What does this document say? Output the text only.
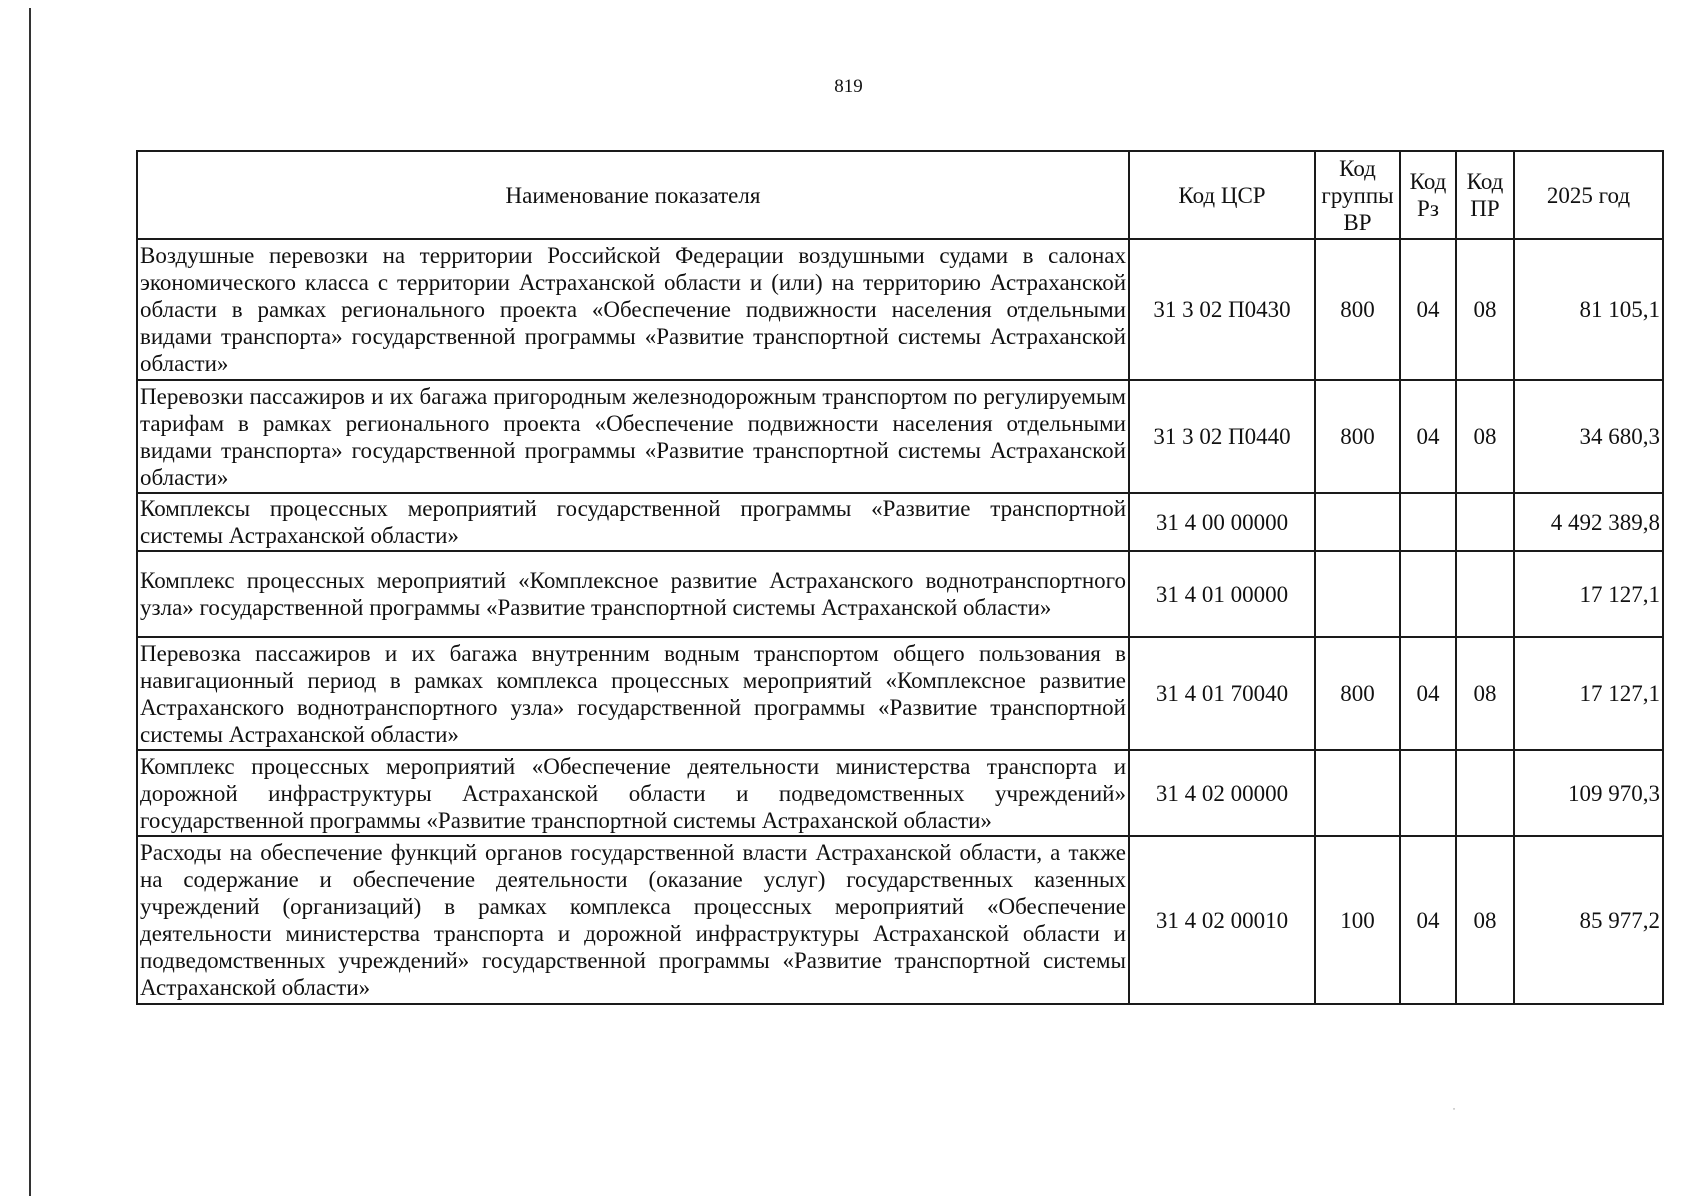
819
Наименование показателя	Код ЦСР	Код группы ВР	Код Рз	Код ПР	2025 год
Воздушные перевозки на территории Российской Федерации воздушными судами в салонах экономического класса с территории Астраханской области и (или) на территорию Астраханской области в рамках регионального проекта «Обеспечение подвижности населения отдельными видами транспорта» государственной программы «Развитие транспортной системы Астраханской области»	31 3 02 П0430	800	04	08	81 105,1
Перевозки пассажиров и их багажа пригородным железнодорожным транспортом по регулируемым тарифам в рамках регионального проекта «Обеспечение подвижности населения отдельными видами транспорта» государственной программы «Развитие транспортной системы Астраханской области»	31 3 02 П0440	800	04	08	34 680,3
Комплексы процессных мероприятий государственной программы «Развитие транспортной системы Астраханской области»	31 4 00 00000				4 492 389,8
Комплекс процессных мероприятий «Комплексное развитие Астраханского воднотранспортного узла» государственной программы «Развитие транспортной системы Астраханской области»	31 4 01 00000				17 127,1
Перевозка пассажиров и их багажа внутренним водным транспортом общего пользования в навигационный период в рамках комплекса процессных мероприятий «Комплексное развитие Астраханского воднотранспортного узла» государственной программы «Развитие транспортной системы Астраханской области»	31 4 01 70040	800	04	08	17 127,1
Комплекс процессных мероприятий «Обеспечение деятельности министерства транспорта и дорожной инфраструктуры Астраханской области и подведомственных учреждений» государственной программы «Развитие транспортной системы Астраханской области»	31 4 02 00000				109 970,3
Расходы на обеспечение функций органов государственной власти Астраханской области, а также на содержание и обеспечение деятельности (оказание услуг) государственных казенных учреждений (организаций) в рамках комплекса процессных мероприятий «Обеспечение деятельности министерства транспорта и дорожной инфраструктуры Астраханской области и подведомственных учреждений» государственной программы «Развитие транспортной системы Астраханской области»	31 4 02 00010	100	04	08	85 977,2
˙
